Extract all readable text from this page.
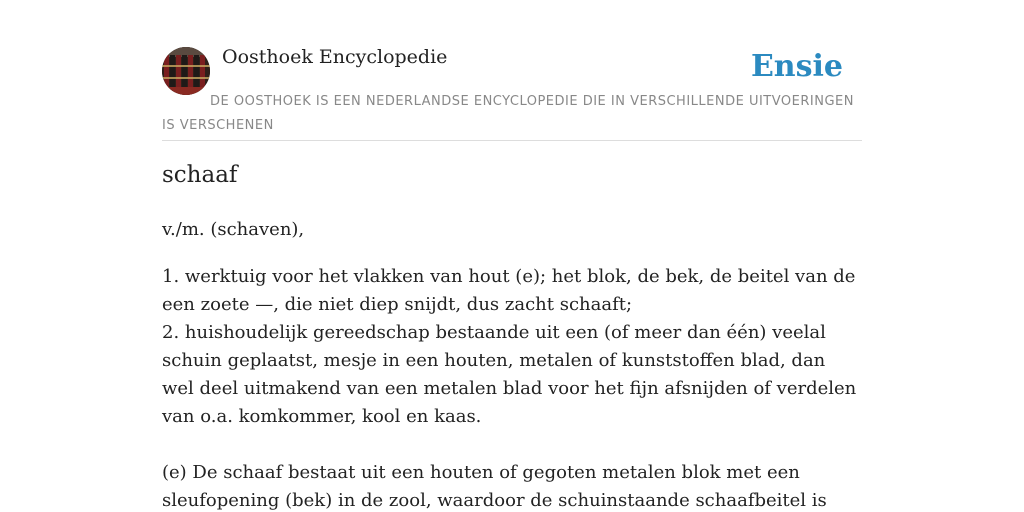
Oosthoek Encyclopedie	Ensie
DE OOSTHOEK IS EEN NEDERLANDSE ENCYCLOPEDIE DIE IN VERSCHILLENDE UITVOERINGEN IS VERSCHENEN
schaaf
v./m. (schaven),

1. werktuig voor het vlakken van hout (e); het blok, de bek, de beitel van de een zoete —, die niet diep snijdt, dus zacht schaaft;

2. huishoudelijk gereedschap bestaande uit een (of meer dan één) veelal schuin geplaatst, mesje in een houten, metalen of kunststoffen blad, dan wel deel uitmakend van een metalen blad voor het fijn afsnijden of verdelen van o.a. komkommer, kool en kaas.

(e) De schaaf bestaat uit een houten of gegoten metalen blok met een sleufopening (bek) in de zool, waardoor de schuinstaande schaafbeitel is
